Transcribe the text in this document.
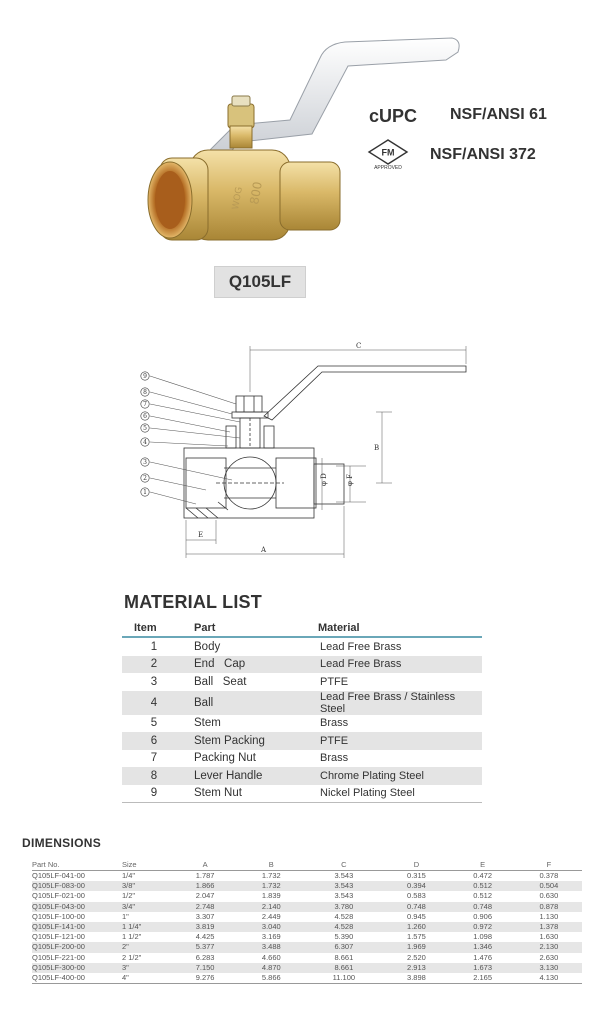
800
WOG
cUPC NSF/ANSI 61
FM
APPROVED
NSF/ANSI 372
Q105LF
9
8
7
6
5
4
3
2
1
C
B
φ F
φ D
E
A
MATERIAL LIST
Item	Part	Material
1	Body	Lead Free Brass
2	End   Cap	Lead Free Brass
3	Ball   Seat	PTFE
4	Ball	Lead Free Brass / Stainless Steel
5	Stem	Brass
6	Stem Packing	PTFE
7	Packing Nut	Brass
8	Lever Handle	Chrome Plating Steel
9	Stem Nut	Nickel Plating Steel
DIMENSIONS
Part No.	Size	A	B	C	D	E	F
Q105LF-041-00	1/4"	1.787	1.732	3.543	0.315	0.472	0.378
Q105LF-083-00	3/8"	1.866	1.732	3.543	0.394	0.512	0.504
Q105LF-021-00	1/2"	2.047	1.839	3.543	0.583	0.512	0.630
Q105LF-043-00	3/4"	2.748	2.140	3.780	0.748	0.748	0.878
Q105LF-100-00	1"	3.307	2.449	4.528	0.945	0.906	1.130
Q105LF-141-00	1 1/4"	3.819	3.040	4.528	1.260	0.972	1.378
Q105LF-121-00	1 1/2"	4.425	3.169	5.390	1.575	1.098	1.630
Q105LF-200-00	2"	5.377	3.488	6.307	1.969	1.346	2.130
Q105LF-221-00	2 1/2"	6.283	4.660	8.661	2.520	1.476	2.630
Q105LF-300-00	3"	7.150	4.870	8.661	2.913	1.673	3.130
Q105LF-400-00	4"	9.276	5.866	11.100	3.898	2.165	4.130
